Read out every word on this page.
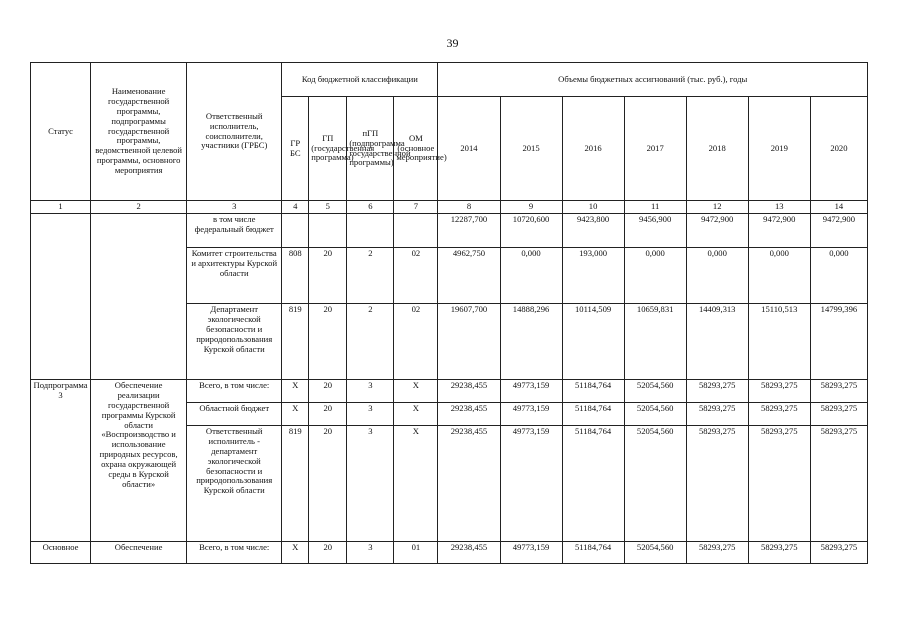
39
Статус	Наименование государственной программы, подпрограммы государственной программы, ведомственной целевой программы, основного мероприятия	Ответственный исполнитель, соисполнители, участники (ГРБС)	Код бюджетной классификации				Объемы бюджетных ассигнований (тыс. руб.), годы						
			ГР БС	ГП (государственная программа)	пГП (подпрограмма государственной программы)	ОМ (основное мероприятие)	2014	2015	2016	2017	2018	2019	2020
1	2	3	4	5	6	7	8	9	10	11	12	13	14
		в том числе федеральный бюджет					12287,700	10720,600	9423,800	9456,900	9472,900	9472,900	9472,900
		Комитет строительства и архитектуры Курской области	808	20	2	02	4962,750	0,000	193,000	0,000	0,000	0,000	0,000
		Департамент экологической безопасности и природопользования Курской области	819	20	2	02	19607,700	14888,296	10114,509	10659,831	14409,313	15110,513	14799,396
Подпрограмма 3	Обеспечение реализации государственной программы Курской области «Воспроизводство и использование природных ресурсов, охрана окружающей среды в Курской области»	Всего, в том числе:	Х	20	3	Х	29238,455	49773,159	51184,764	52054,560	58293,275	58293,275	58293,275
		Областной бюджет	Х	20	3	Х	29238,455	49773,159	51184,764	52054,560	58293,275	58293,275	58293,275
		Ответственный исполнитель - департамент экологической безопасности и природопользования Курской области	819	20	3	Х	29238,455	49773,159	51184,764	52054,560	58293,275	58293,275	58293,275
Основное	Обеспечение	Всего, в том числе:	Х	20	3	01	29238,455	49773,159	51184,764	52054,560	58293,275	58293,275	58293,275
